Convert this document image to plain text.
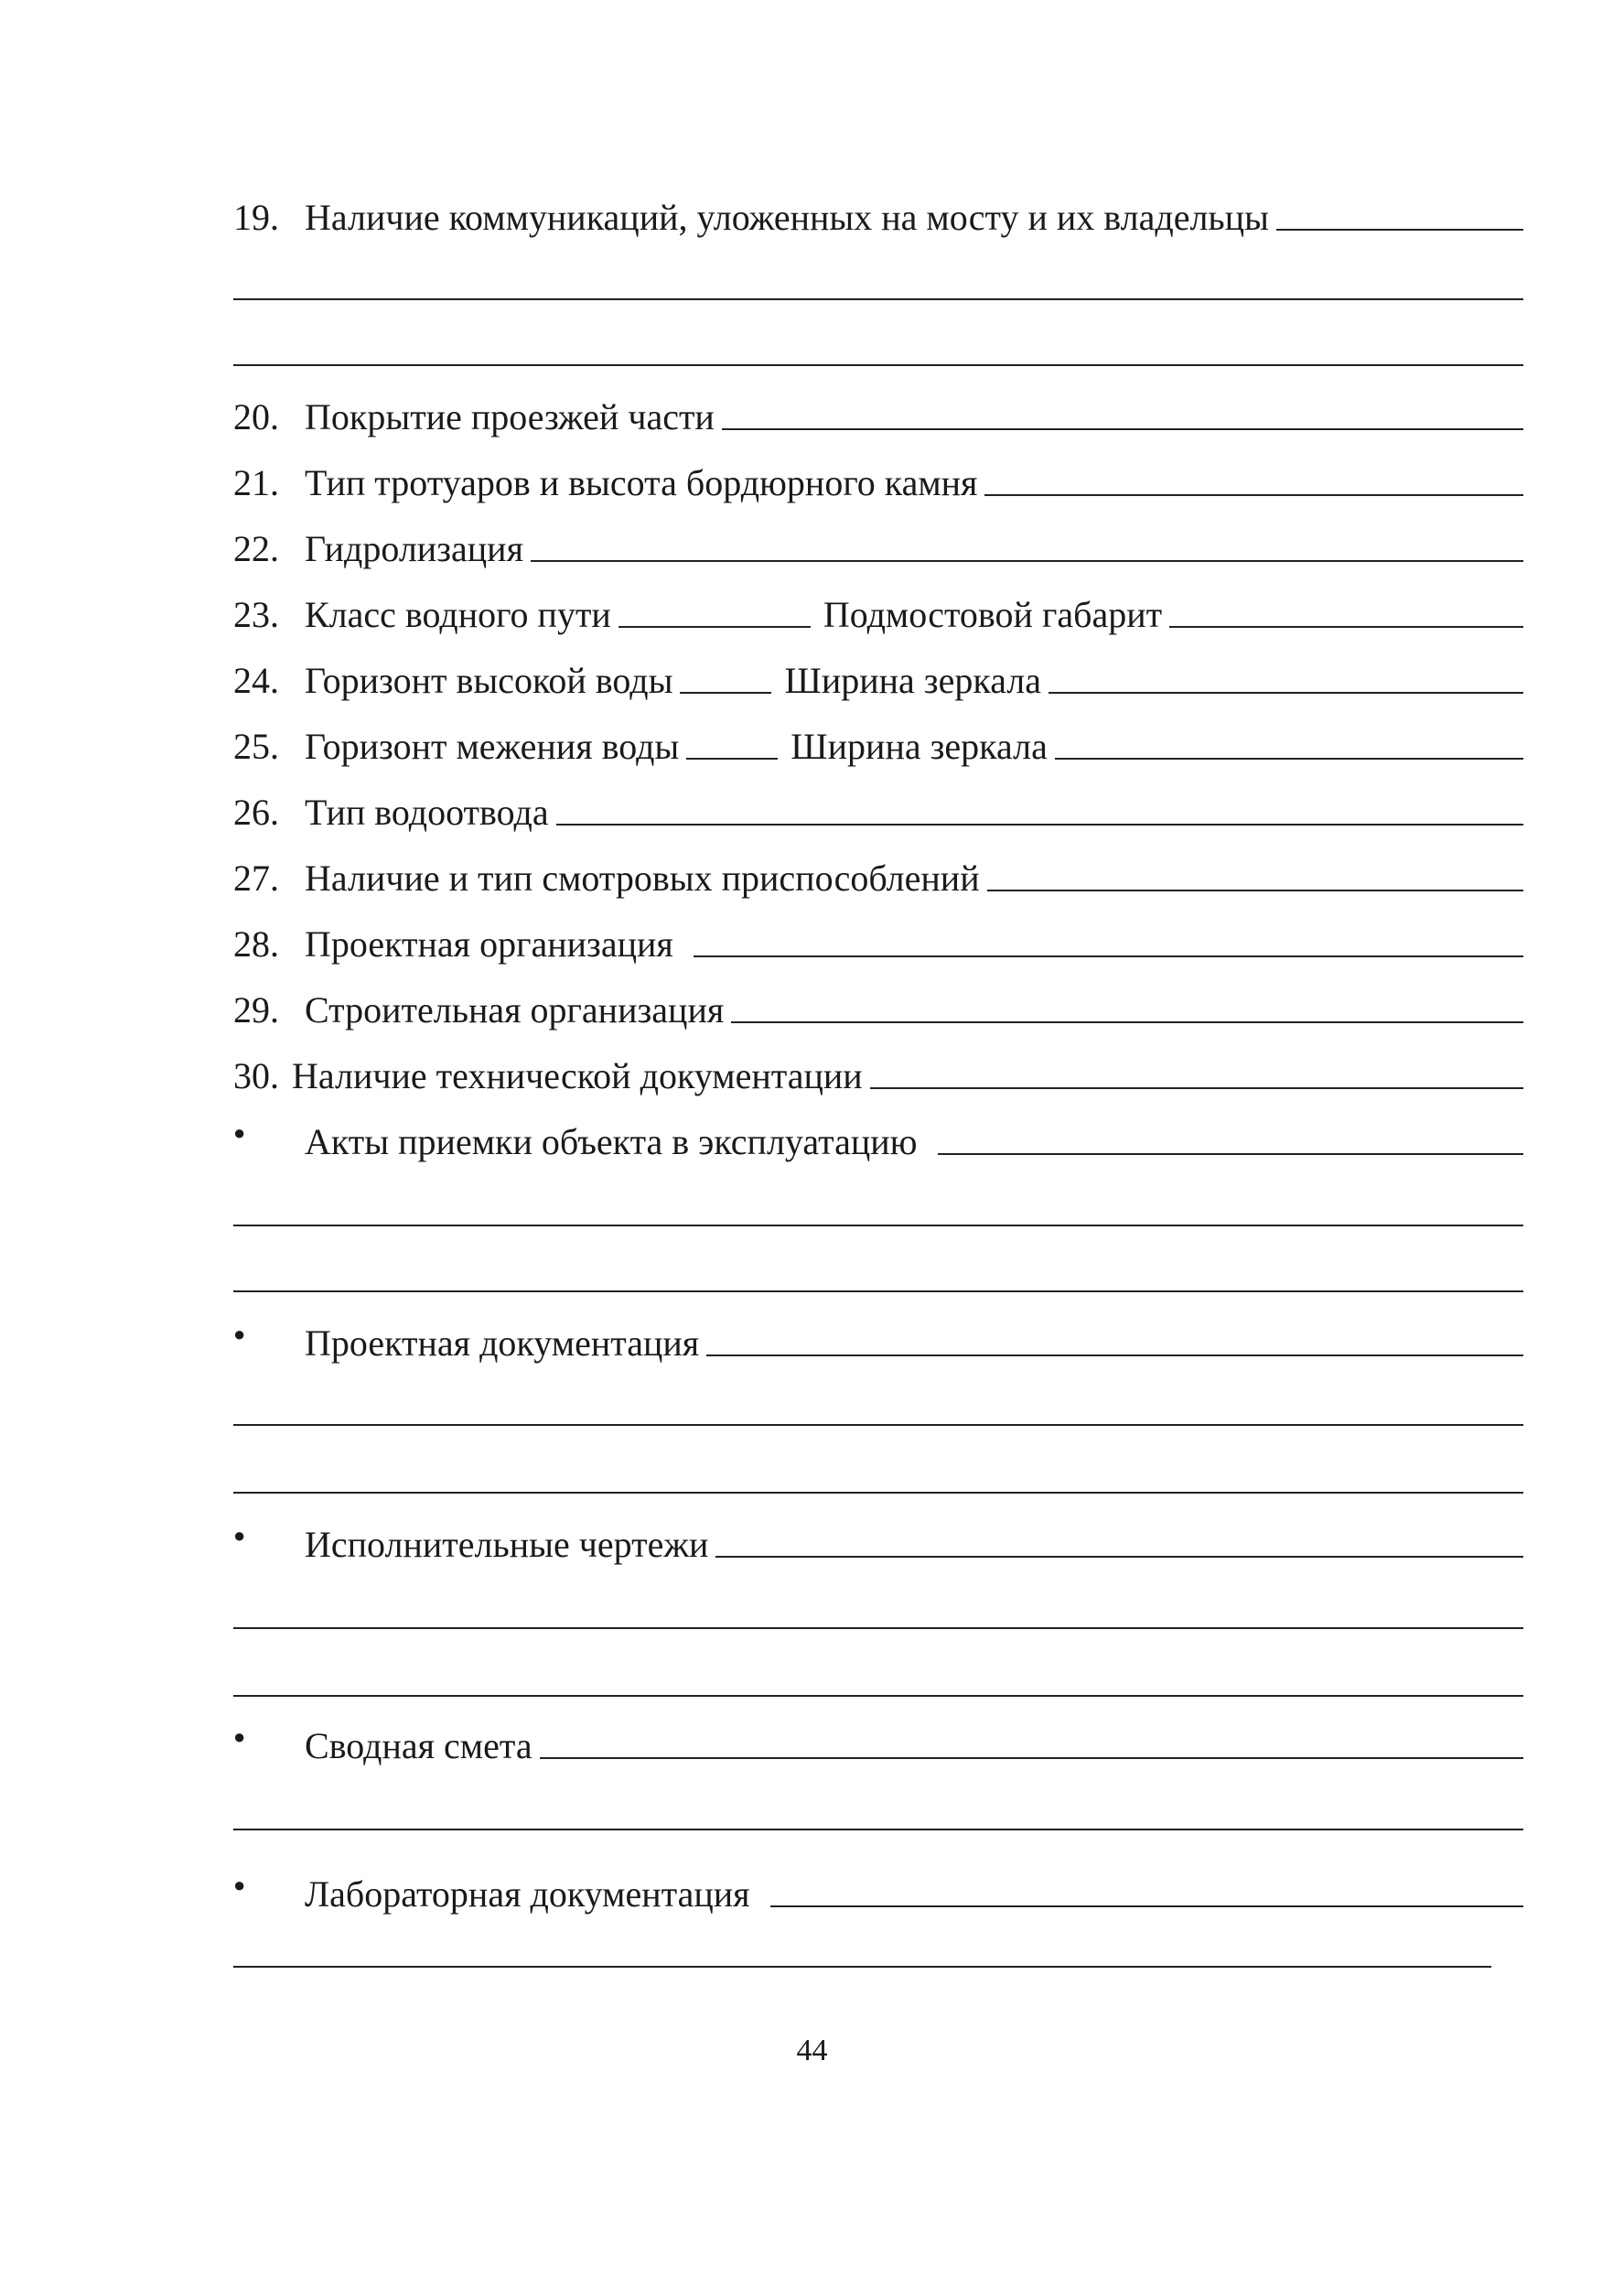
19. Наличие коммуникаций, уложенных на мосту и их владельцы
20. Покрытие проезжей части
21. Тип тротуаров и высота бордюрного камня
22. Гидролизация
23. Класс водного пути	Подмостовой габарит
24. Горизонт высокой воды	Ширина зеркала
25. Горизонт межения воды	Ширина зеркала
26. Тип водоотвода
27. Наличие и тип смотровых приспособлений
28. Проектная организация
29. Строительная организация
30. Наличие технической документации
●	Акты приемки объекта в эксплуатацию
●	Проектная документация
●	Исполнительные чертежи
●	Сводная смета
●	Лабораторная документация
44
